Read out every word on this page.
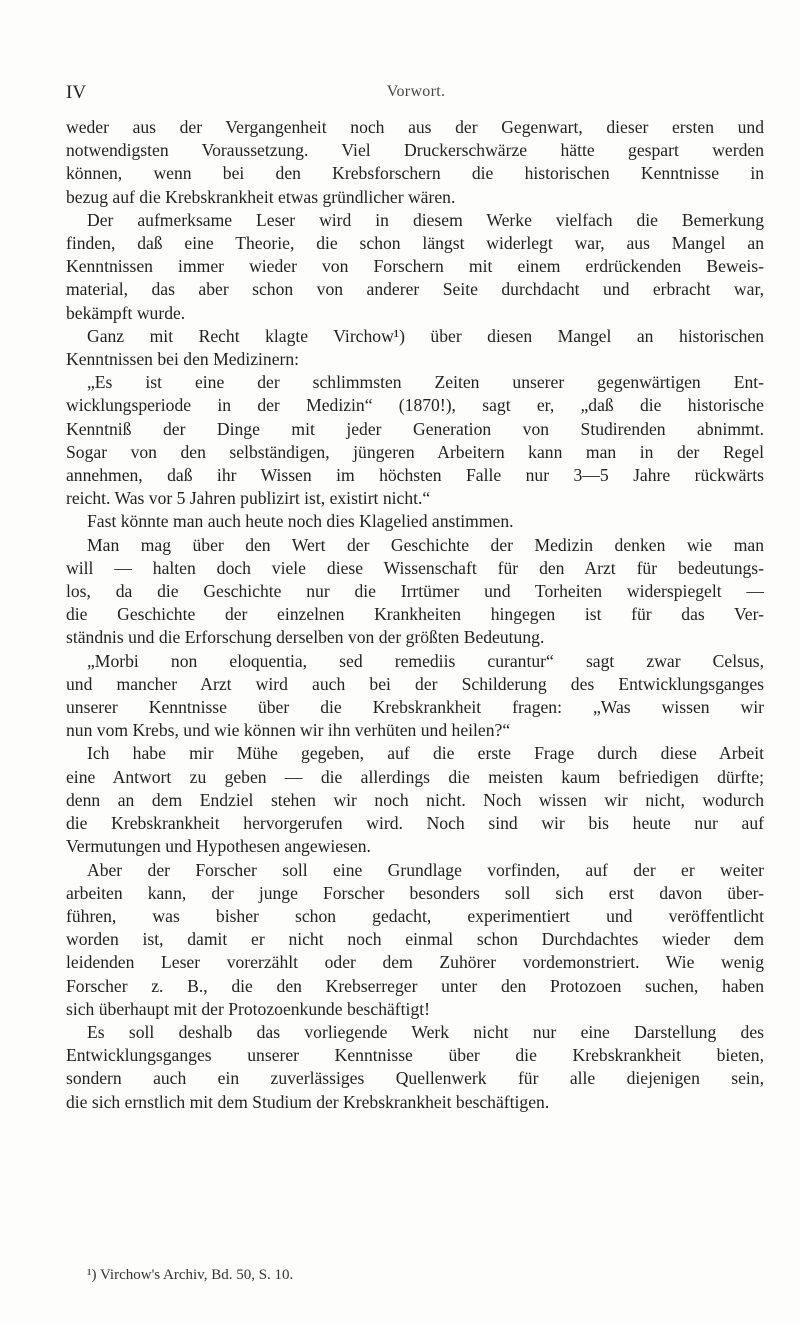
IV	Vorwort.
weder aus der Vergangenheit noch aus der Gegenwart, dieser ersten und
notwendigsten Voraussetzung. Viel Druckerschwärze hätte gespart werden
können, wenn bei den Krebsforschern die historischen Kenntnisse in
bezug auf die Krebskrankheit etwas gründlicher wären.
Der aufmerksame Leser wird in diesem Werke vielfach die Bemerkung
finden, daß eine Theorie, die schon längst widerlegt war, aus Mangel an
Kenntnissen immer wieder von Forschern mit einem erdrückenden Beweis-
material, das aber schon von anderer Seite durchdacht und erbracht war,
bekämpft wurde.
Ganz mit Recht klagte Virchow¹) über diesen Mangel an historischen
Kenntnissen bei den Medizinern:
„Es ist eine der schlimmsten Zeiten unserer gegenwärtigen Ent-
wicklungsperiode in der Medizin“ (1870!), sagt er, „daß die historische
Kenntniß der Dinge mit jeder Generation von Studirenden abnimmt.
Sogar von den selbständigen, jüngeren Arbeitern kann man in der Regel
annehmen, daß ihr Wissen im höchsten Falle nur 3—5 Jahre rückwärts
reicht. Was vor 5 Jahren publizirt ist, existirt nicht.“
Fast könnte man auch heute noch dies Klagelied anstimmen.
Man mag über den Wert der Geschichte der Medizin denken wie man
will — halten doch viele diese Wissenschaft für den Arzt für bedeutungs-
los, da die Geschichte nur die Irrtümer und Torheiten widerspiegelt —
die Geschichte der einzelnen Krankheiten hingegen ist für das Ver-
ständnis und die Erforschung derselben von der größten Bedeutung.
„Morbi non eloquentia, sed remediis curantur“ sagt zwar Celsus,
und mancher Arzt wird auch bei der Schilderung des Entwicklungsganges
unserer Kenntnisse über die Krebskrankheit fragen: „Was wissen wir
nun vom Krebs, und wie können wir ihn verhüten und heilen?“
Ich habe mir Mühe gegeben, auf die erste Frage durch diese Arbeit
eine Antwort zu geben — die allerdings die meisten kaum befriedigen dürfte;
denn an dem Endziel stehen wir noch nicht. Noch wissen wir nicht, wodurch
die Krebskrankheit hervorgerufen wird. Noch sind wir bis heute nur auf
Vermutungen und Hypothesen angewiesen.
Aber der Forscher soll eine Grundlage vorfinden, auf der er weiter
arbeiten kann, der junge Forscher besonders soll sich erst davon über-
führen, was bisher schon gedacht, experimentiert und veröffentlicht
worden ist, damit er nicht noch einmal schon Durchdachtes wieder dem
leidenden Leser vorerzählt oder dem Zuhörer vordemonstriert. Wie wenig
Forscher z. B., die den Krebserreger unter den Protozoen suchen, haben
sich überhaupt mit der Protozoenkunde beschäftigt!
Es soll deshalb das vorliegende Werk nicht nur eine Darstellung des
Entwicklungsganges unserer Kenntnisse über die Krebskrankheit bieten,
sondern auch ein zuverlässiges Quellenwerk für alle diejenigen sein,
die sich ernstlich mit dem Studium der Krebskrankheit beschäftigen.
¹) Virchow's Archiv, Bd. 50, S. 10.
